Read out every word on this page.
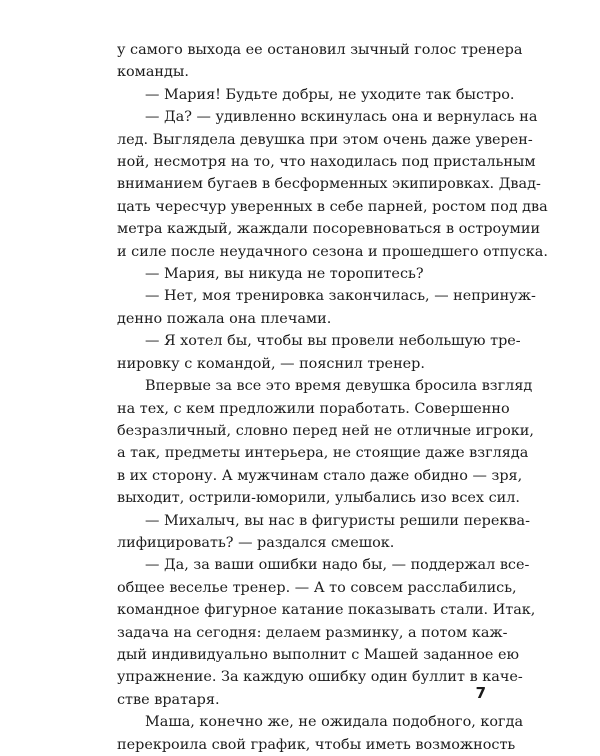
у самого выхода ее остановил зычный голос тренера
команды.
— Мария! Будьте добры, не уходите так быстро.
— Да? — удивленно вскинулась она и вернулась на
лед. Выглядела девушка при этом очень даже уверен-
ной, несмотря на то, что находилась под пристальным
вниманием бугаев в бесформенных экипировках. Двад-
цать чересчур уверенных в себе парней, ростом под два
метра каждый, жаждали посоревноваться в остроумии
и силе после неудачного сезона и прошедшего отпуска.
— Мария, вы никуда не торопитесь?
— Нет, моя тренировка закончилась, — непринуж-
денно пожала она плечами.
— Я хотел бы, чтобы вы провели небольшую тре-
нировку с командой, — пояснил тренер.
Впервые за все это время девушка бросила взгляд
на тех, с кем предложили поработать. Совершенно
безразличный, словно перед ней не отличные игроки,
а так, предметы интерьера, не стоящие даже взгляда
в их сторону. А мужчинам стало даже обидно — зря,
выходит, острили-юморили, улыбались изо всех сил.
— Михалыч, вы нас в фигуристы решили переква-
лифицировать? — раздался смешок.
— Да, за ваши ошибки надо бы, — поддержал все-
общее веселье тренер. — А то совсем расслабились,
командное фигурное катание показывать стали. Итак,
задача на сегодня: делаем разминку, а потом каж-
дый индивидуально выполнит с Машей заданное ею
упражнение. За каждую ошибку один буллит в каче-
стве вратаря.
Маша, конечно же, не ожидала подобного, когда
перекроила свой график, чтобы иметь возможность
7
